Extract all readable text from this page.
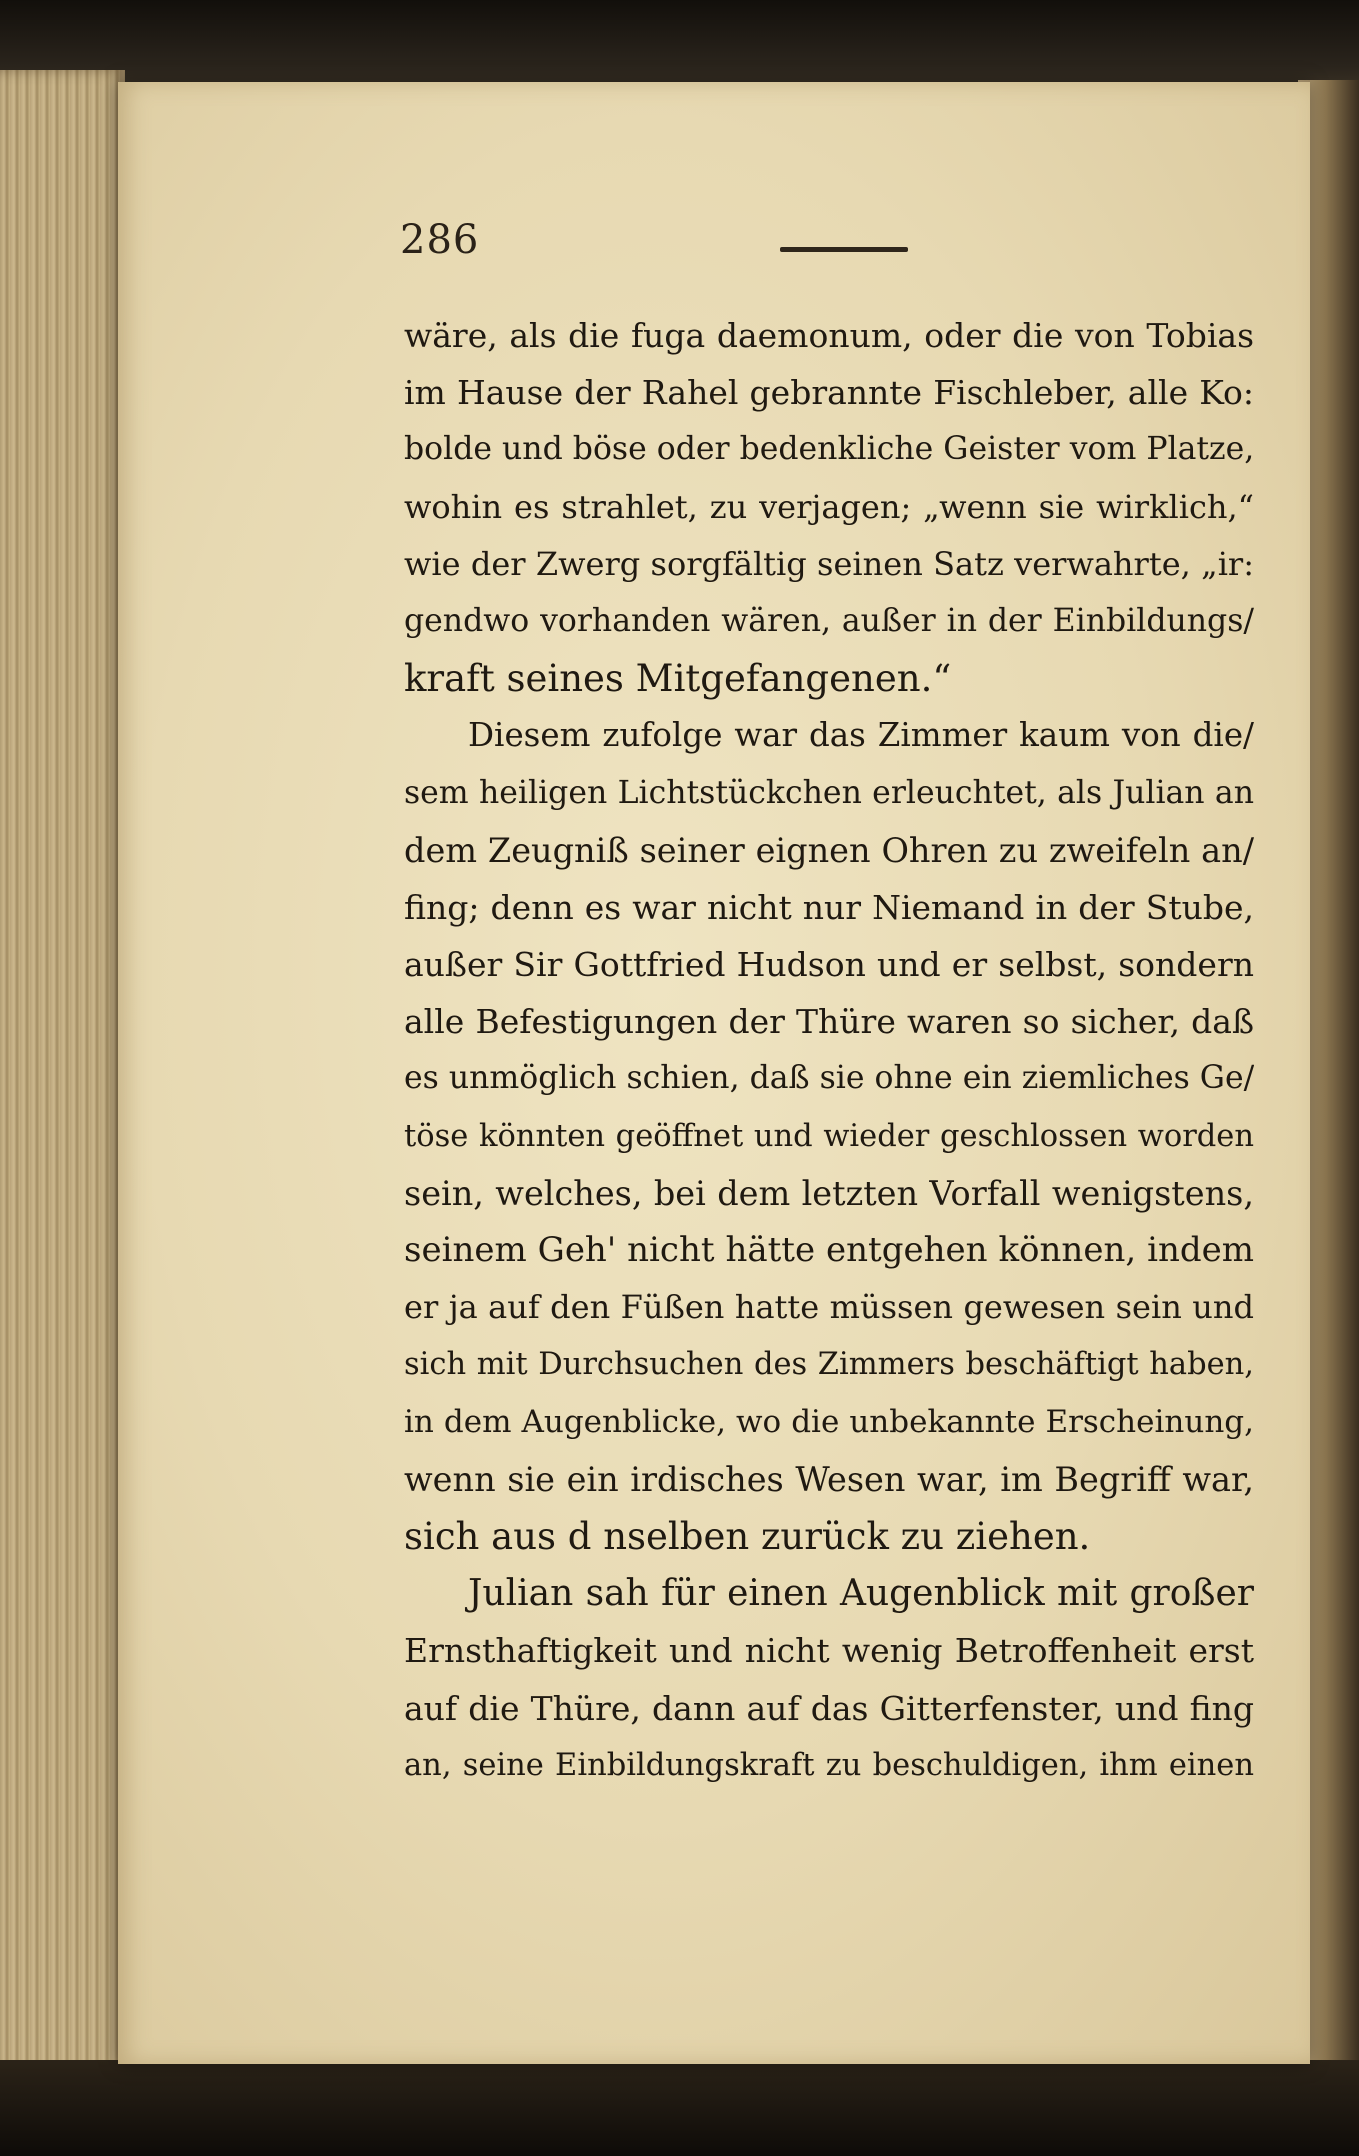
286
wäre, als die fuga daemonum, oder die von Tobias
im Hause der Rahel gebrannte Fischleber, alle Ko:
bolde und böse oder bedenkliche Geister vom Platze,
wohin es strahlet, zu verjagen; „wenn sie wirklich,“
wie der Zwerg sorgfältig seinen Satz verwahrte, „ir:
gendwo vorhanden wären, außer in der Einbildungs/
kraft seines Mitgefangenen.“
Diesem zufolge war das Zimmer kaum von die/
sem heiligen Lichtstückchen erleuchtet, als Julian an
dem Zeugniß seiner eignen Ohren zu zweifeln an/
fing; denn es war nicht nur Niemand in der Stube,
außer Sir Gottfried Hudson und er selbst, sondern
alle Befestigungen der Thüre waren so sicher, daß
es unmöglich schien, daß sie ohne ein ziemliches Ge/
töse könnten geöffnet und wieder geschlossen worden
sein, welches, bei dem letzten Vorfall wenigstens,
seinem Geh' nicht hätte entgehen können, indem
er ja auf den Füßen hatte müssen gewesen sein und
sich mit Durchsuchen des Zimmers beschäftigt haben,
in dem Augenblicke, wo die unbekannte Erscheinung,
wenn sie ein irdisches Wesen war, im Begriff war,
sich aus d nselben zurück zu ziehen.
Julian sah für einen Augenblick mit großer
Ernsthaftigkeit und nicht wenig Betroffenheit erst
auf die Thüre, dann auf das Gitterfenster, und fing
an, seine Einbildungskraft zu beschuldigen, ihm einen
